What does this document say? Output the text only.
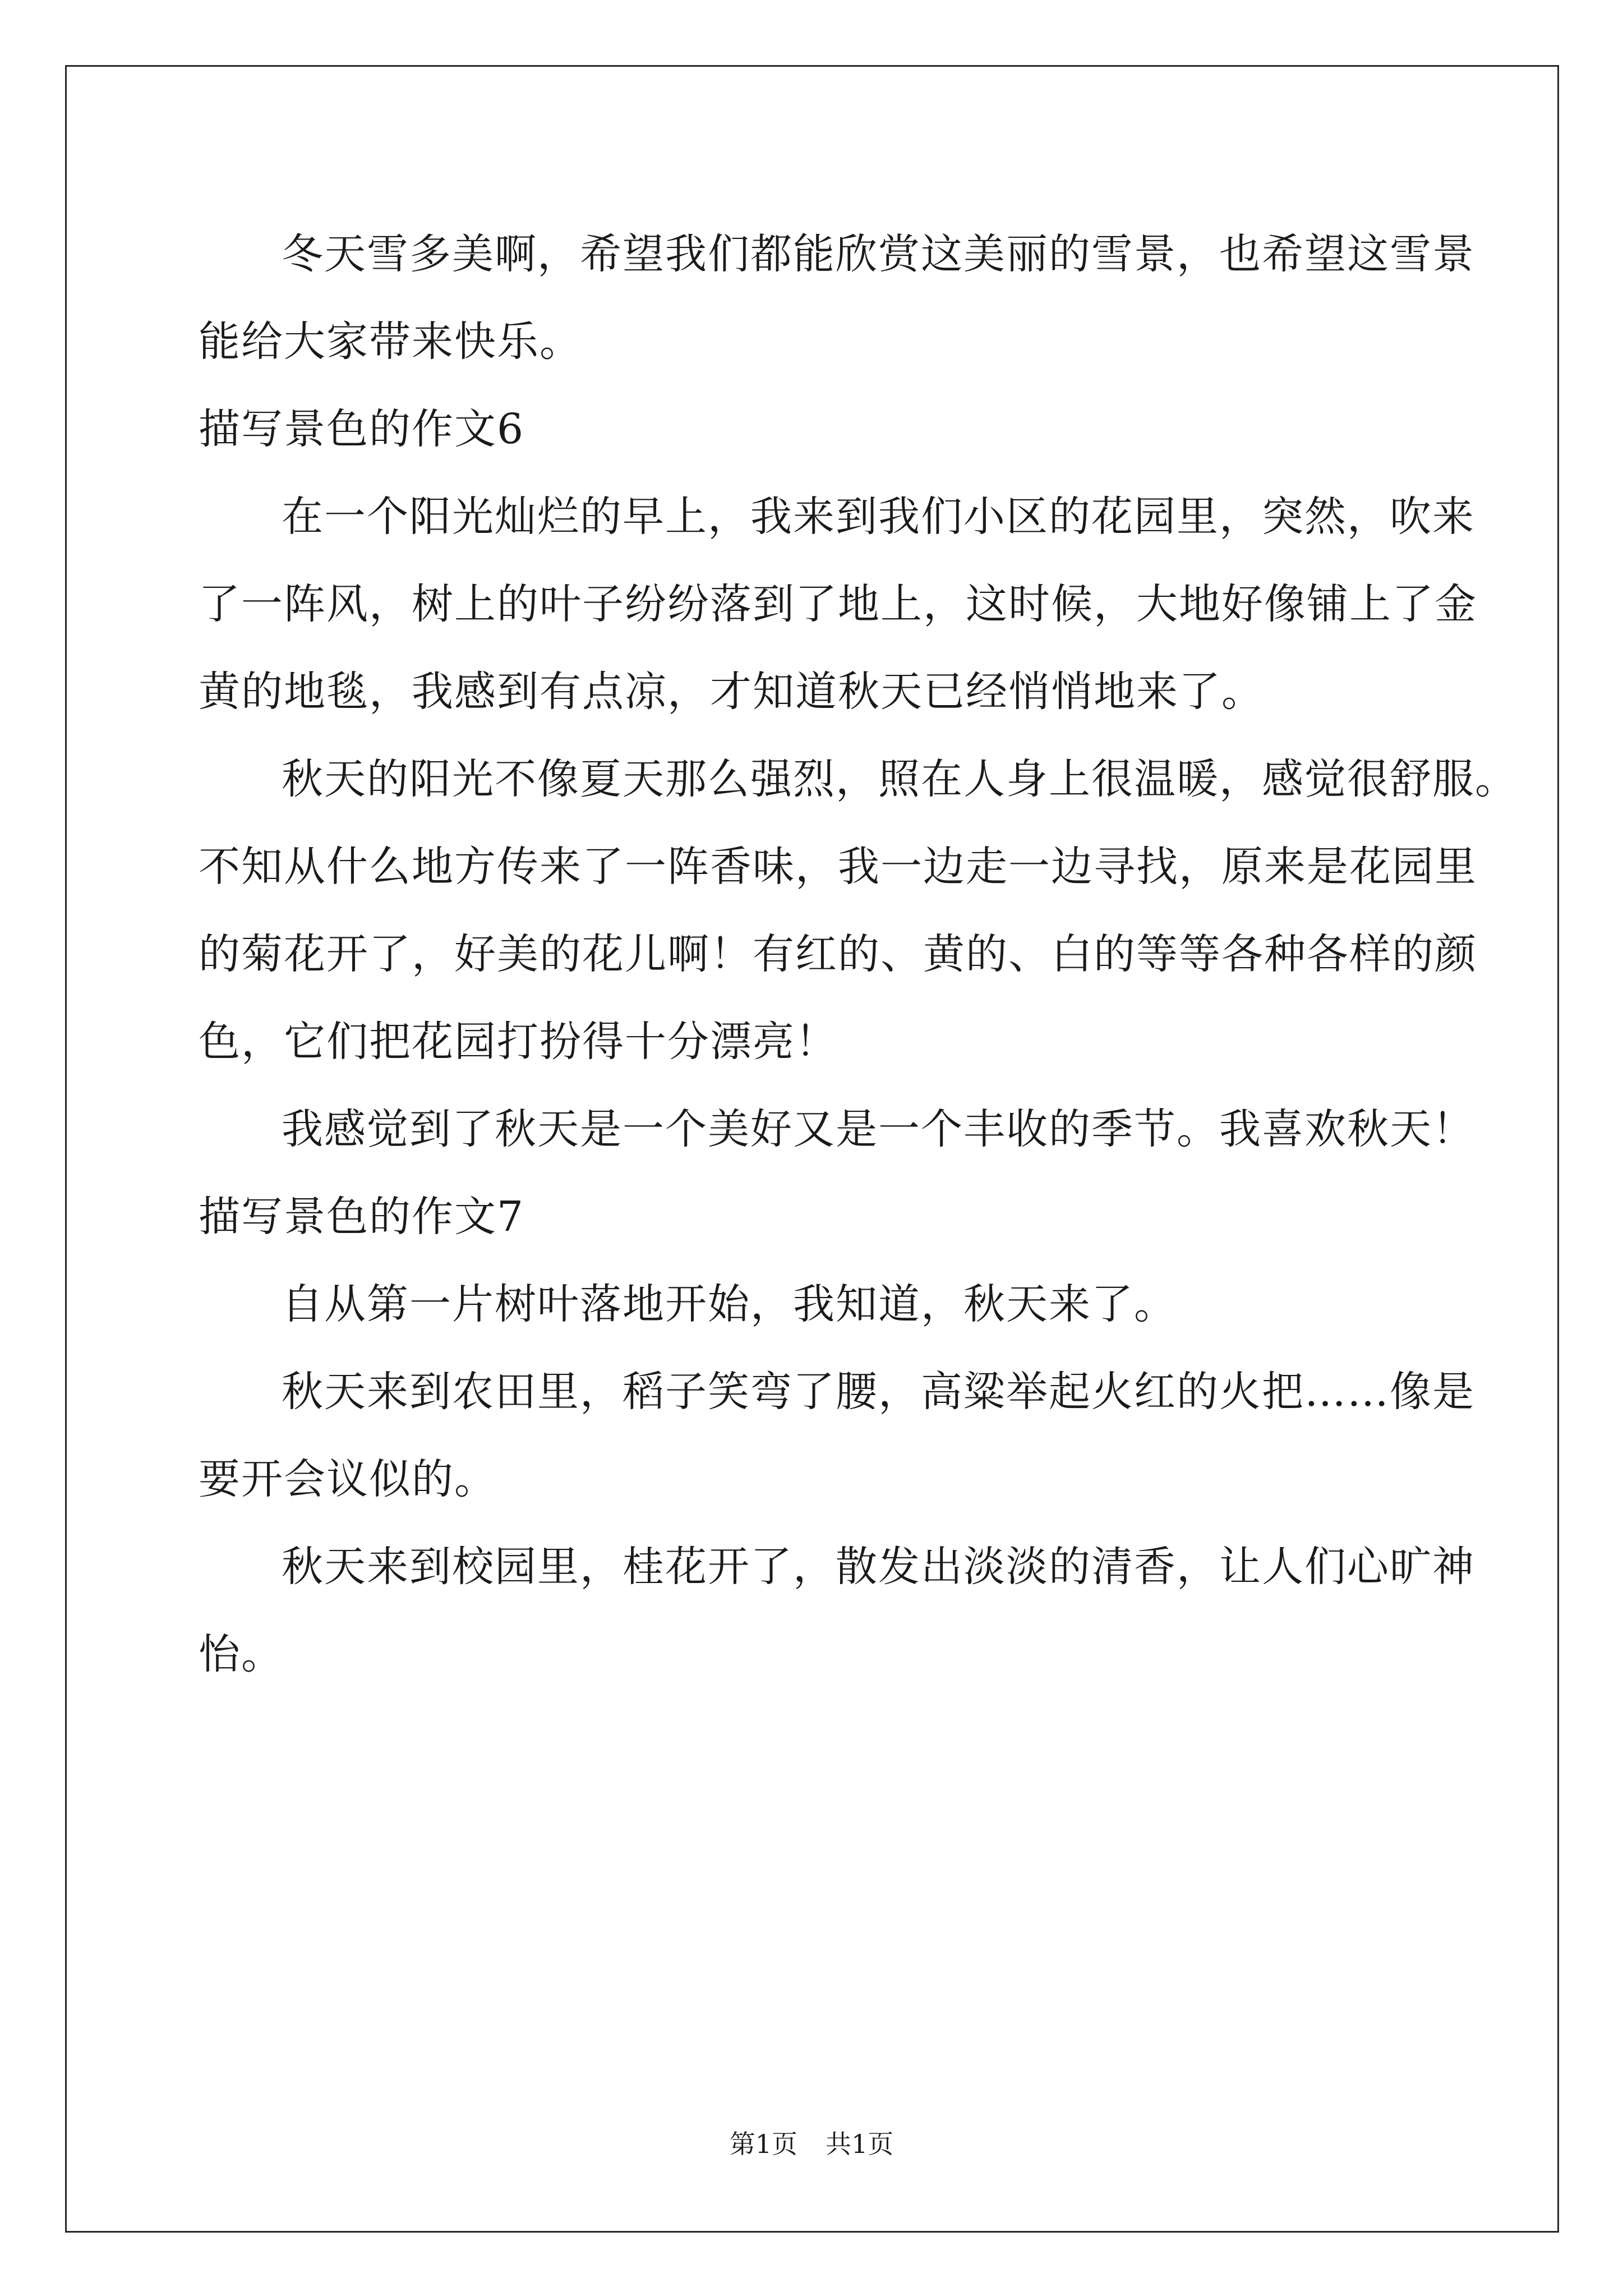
冬天雪多美啊，希望我们都能欣赏这美丽的雪景，也希望这雪景
能给大家带来快乐。
描写景色的作文6
在一个阳光灿烂的早上，我来到我们小区的花园里，突然，吹来
了一阵风，树上的叶子纷纷落到了地上，这时候，大地好像铺上了金
黄的地毯，我感到有点凉，才知道秋天已经悄悄地来了。
秋天的阳光不像夏天那么强烈，照在人身上很温暖，感觉很舒服。
不知从什么地方传来了一阵香味，我一边走一边寻找，原来是花园里
的菊花开了，好美的花儿啊！有红的、黄的、白的等等各种各样的颜
色，它们把花园打扮得十分漂亮！
我感觉到了秋天是一个美好又是一个丰收的季节。我喜欢秋天！
描写景色的作文7
自从第一片树叶落地开始，我知道，秋天来了。
秋天来到农田里，稻子笑弯了腰，高粱举起火红的火把……像是
要开会议似的。
秋天来到校园里，桂花开了，散发出淡淡的清香，让人们心旷神
怡。
第1页 共1页
